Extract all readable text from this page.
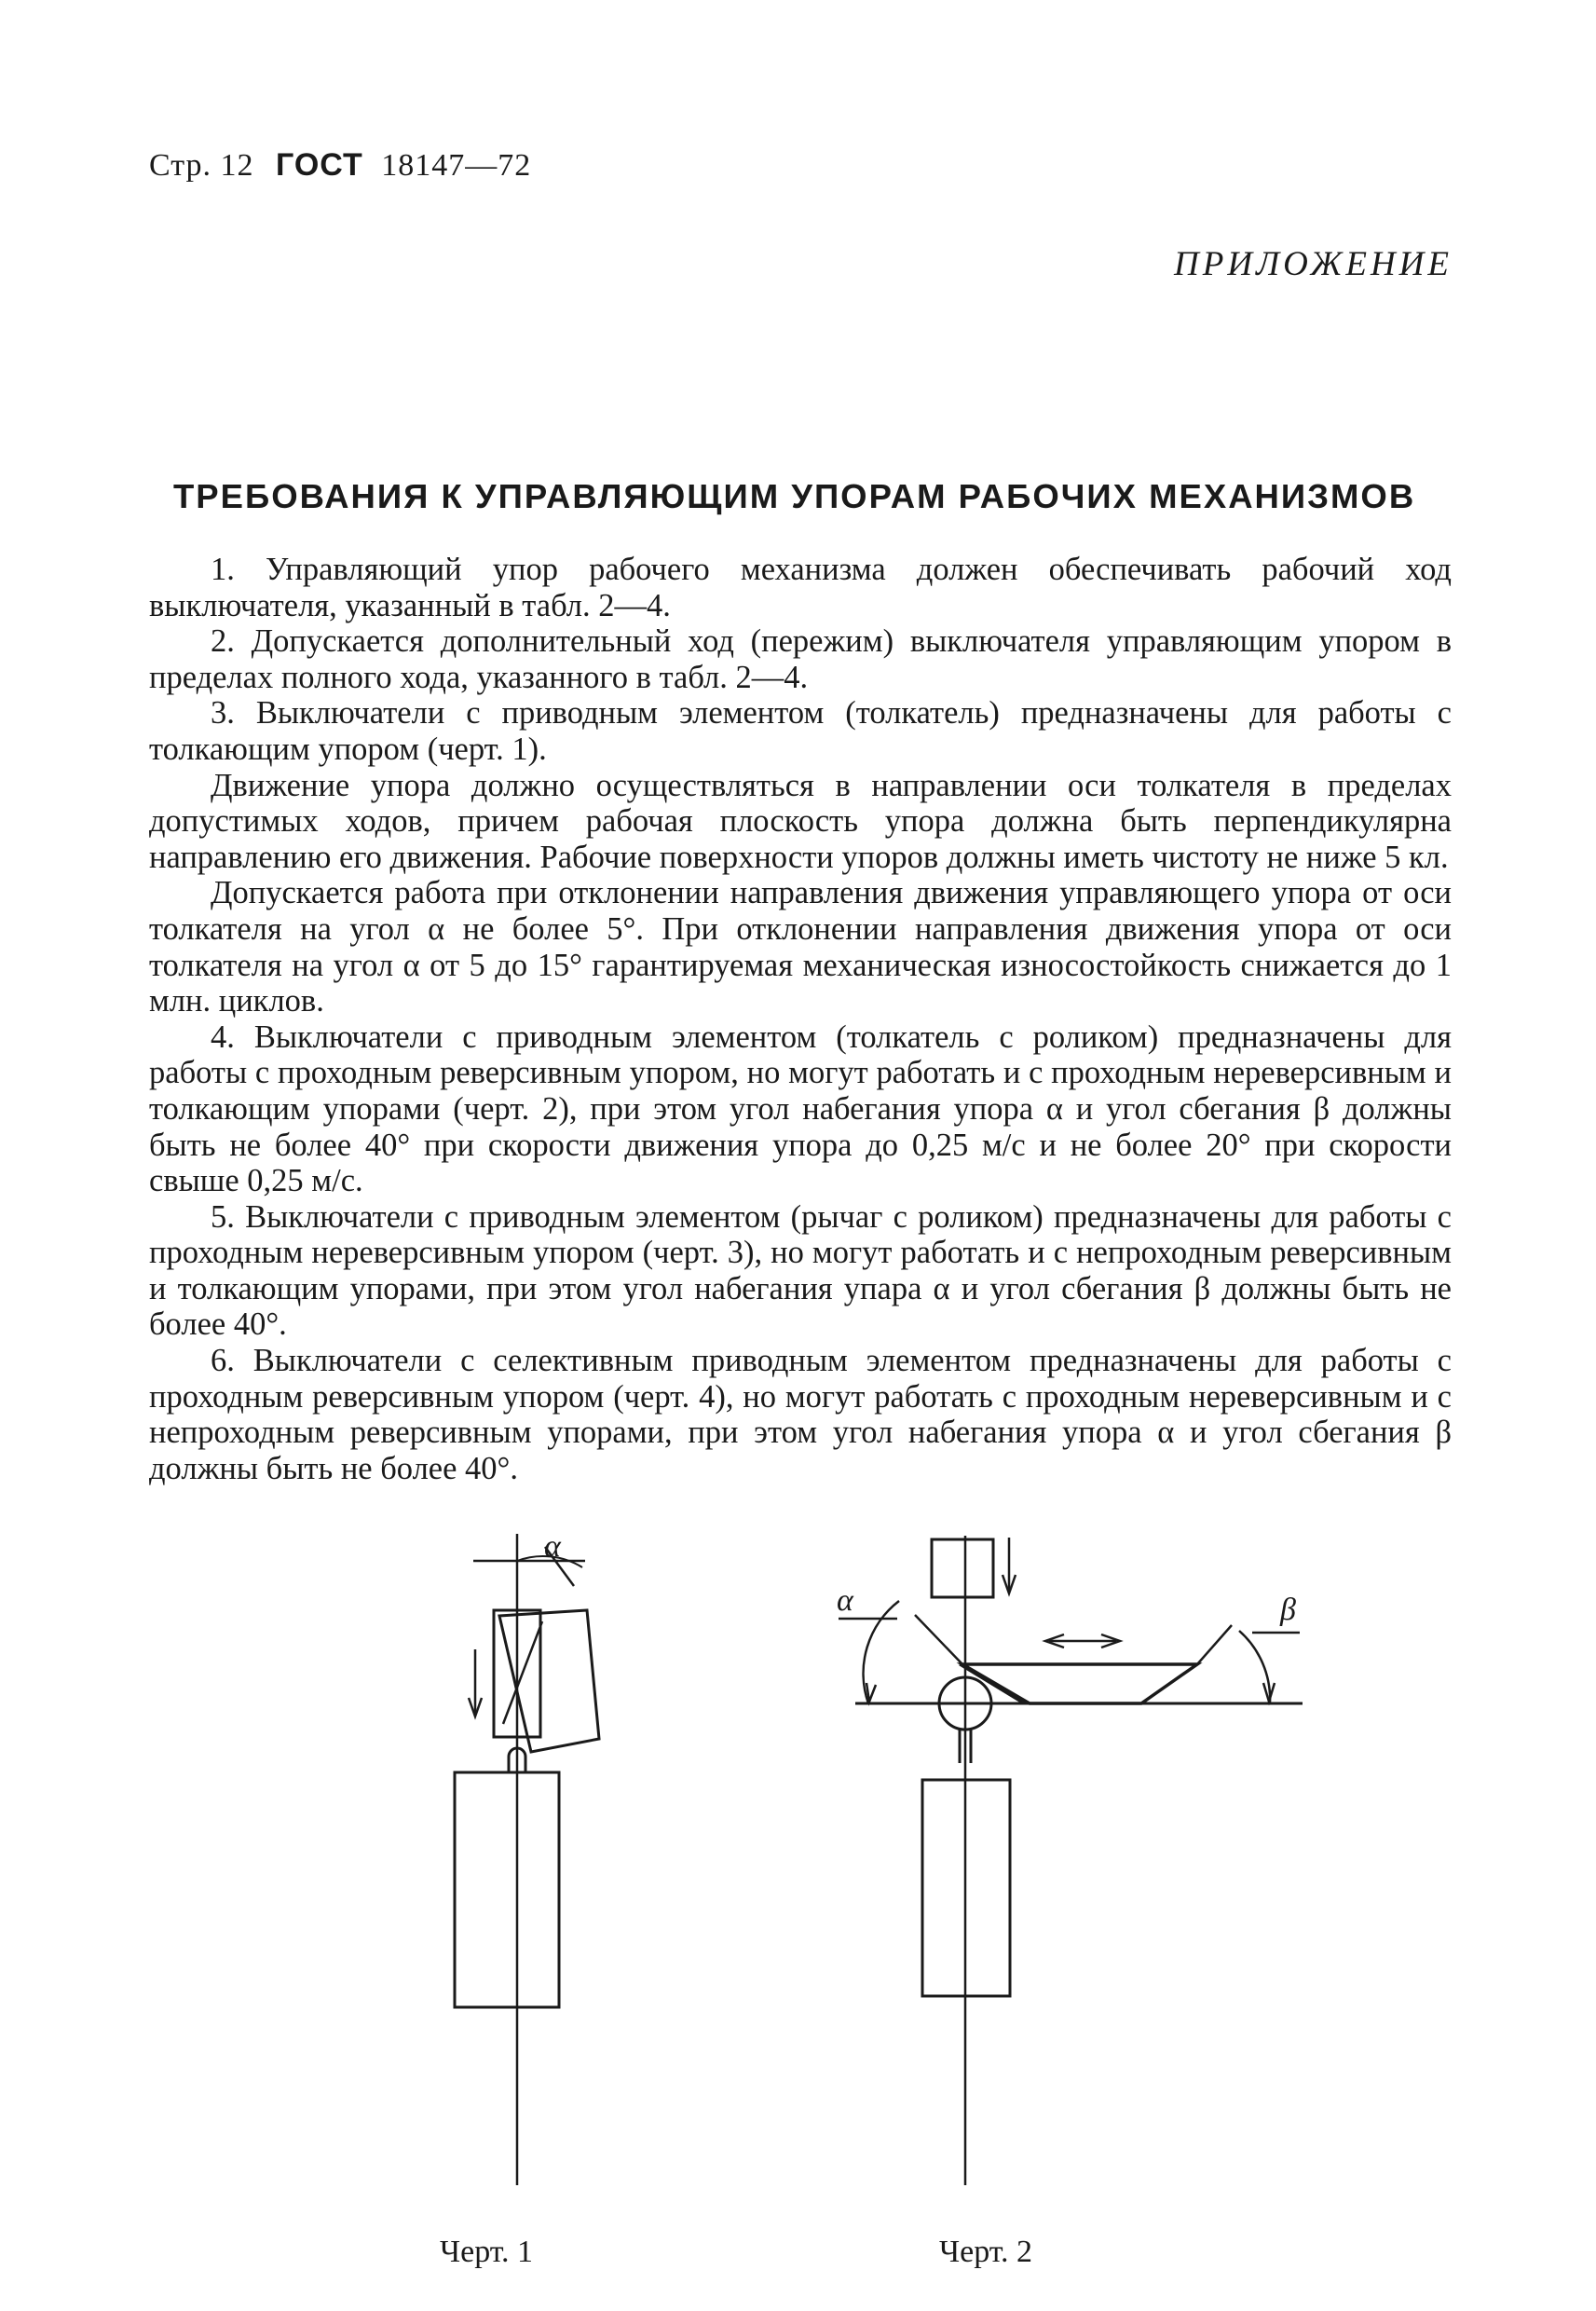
Стр. 12 ГОСТ 18147—72
ПРИЛОЖЕНИЕ
ТРЕБОВАНИЯ К УПРАВЛЯЮЩИМ УПОРАМ РАБОЧИХ МЕХАНИЗМОВ

1. Управляющий упор рабочего механизма должен обеспечивать рабочий ход выключателя, указанный в табл. 2—4.

2. Допускается дополнительный ход (пережим) выключателя управляющим упором в пределах полного хода, указанного в табл. 2—4.

3. Выключатели с приводным элементом (толкатель) предназначены для работы с толкающим упором (черт. 1).

Движение упора должно осуществляться в направлении оси толкателя в пределах допустимых ходов, причем рабочая плоскость упора должна быть перпендикулярна направлению его движения. Рабочие поверхности упоров должны иметь чистоту не ниже 5 кл.

Допускается работа при отклонении направления движения управляющего упора от оси толкателя на угол α не более 5°. При отклонении направления движения упора от оси толкателя на угол α от 5 до 15° гарантируемая механическая износостойкость снижается до 1 млн. циклов.

4. Выключатели с приводным элементом (толкатель с роликом) предназначены для работы с проходным реверсивным упором, но могут работать и с проходным нереверсивным и толкающим упорами (черт. 2), при этом угол набегания упора α и угол сбегания β должны быть не более 40° при скорости движения упора до 0,25 м/с и не более 20° при скорости свыше 0,25 м/с.

5. Выключатели с приводным элементом (рычаг с роликом) предназначены для работы с проходным нереверсивным упором (черт. 3), но могут работать и с непроходным реверсивным и толкающим упорами, при этом угол набегания упара α и угол сбегания β должны быть не более 40°.

6. Выключатели с селективным приводным элементом предназначены для работы с проходным реверсивным упором (черт. 4), но могут работать с проходным нереверсивным и с непроходным реверсивным упорами, при этом угол набегания упора α и угол сбегания β должны быть не более 40°.

α
α	β
Черт. 1	Черт. 2
